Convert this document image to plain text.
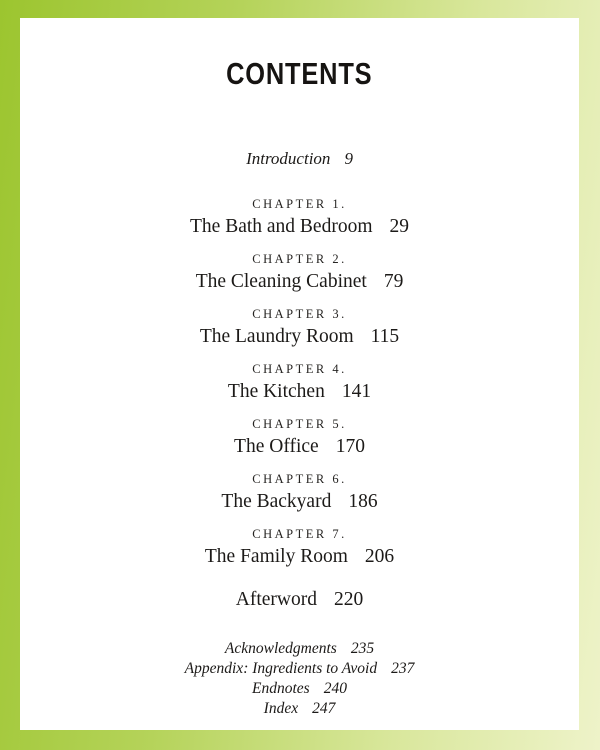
CONTENTS
Introduction 9
CHAPTER 1.
The Bath and Bedroom 29
CHAPTER 2.
The Cleaning Cabinet 79
CHAPTER 3.
The Laundry Room 115
CHAPTER 4.
The Kitchen 141
CHAPTER 5.
The Office 170
CHAPTER 6.
The Backyard 186
CHAPTER 7.
The Family Room 206
Afterword 220
Acknowledgments 235
Appendix: Ingredients to Avoid 237
Endnotes 240
Index 247
